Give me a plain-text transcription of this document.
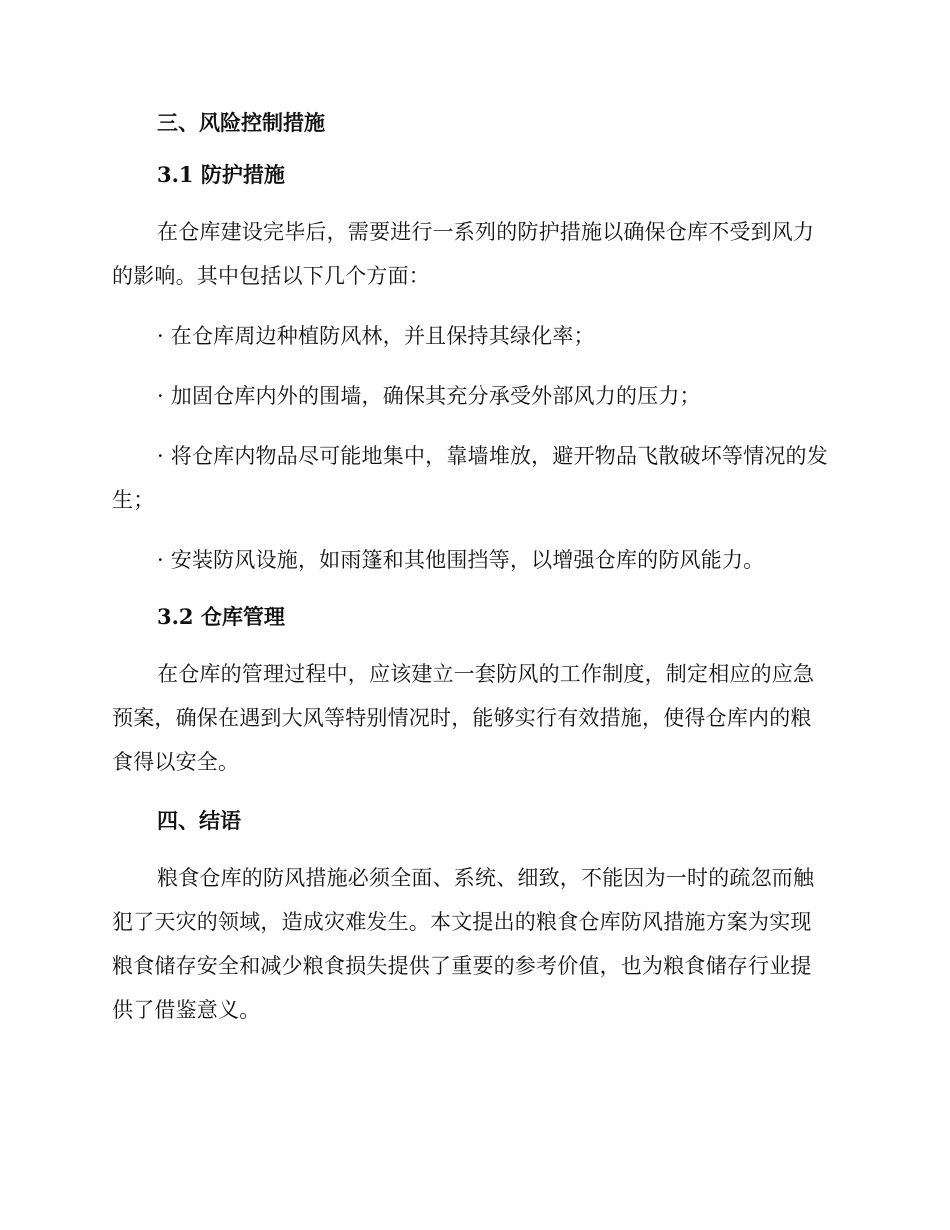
三、风险控制措施
3.1 防护措施

在仓库建设完毕后，需要进行一系列的防护措施以确保仓库不受到风力的影响。其中包括以下几个方面：

· 在仓库周边种植防风林，并且保持其绿化率；

· 加固仓库内外的围墙，确保其充分承受外部风力的压力；

· 将仓库内物品尽可能地集中，靠墙堆放，避开物品飞散破坏等情况的发生；

· 安装防风设施，如雨篷和其他围挡等，以增强仓库的防风能力。

3.2 仓库管理

在仓库的管理过程中，应该建立一套防风的工作制度，制定相应的应急预案，确保在遇到大风等特别情况时，能够实行有效措施，使得仓库内的粮食得以安全。

四、结语

粮食仓库的防风措施必须全面、系统、细致，不能因为一时的疏忽而触犯了天灾的领域，造成灾难发生。本文提出的粮食仓库防风措施方案为实现粮食储存安全和减少粮食损失提供了重要的参考价值，也为粮食储存行业提供了借鉴意义。
